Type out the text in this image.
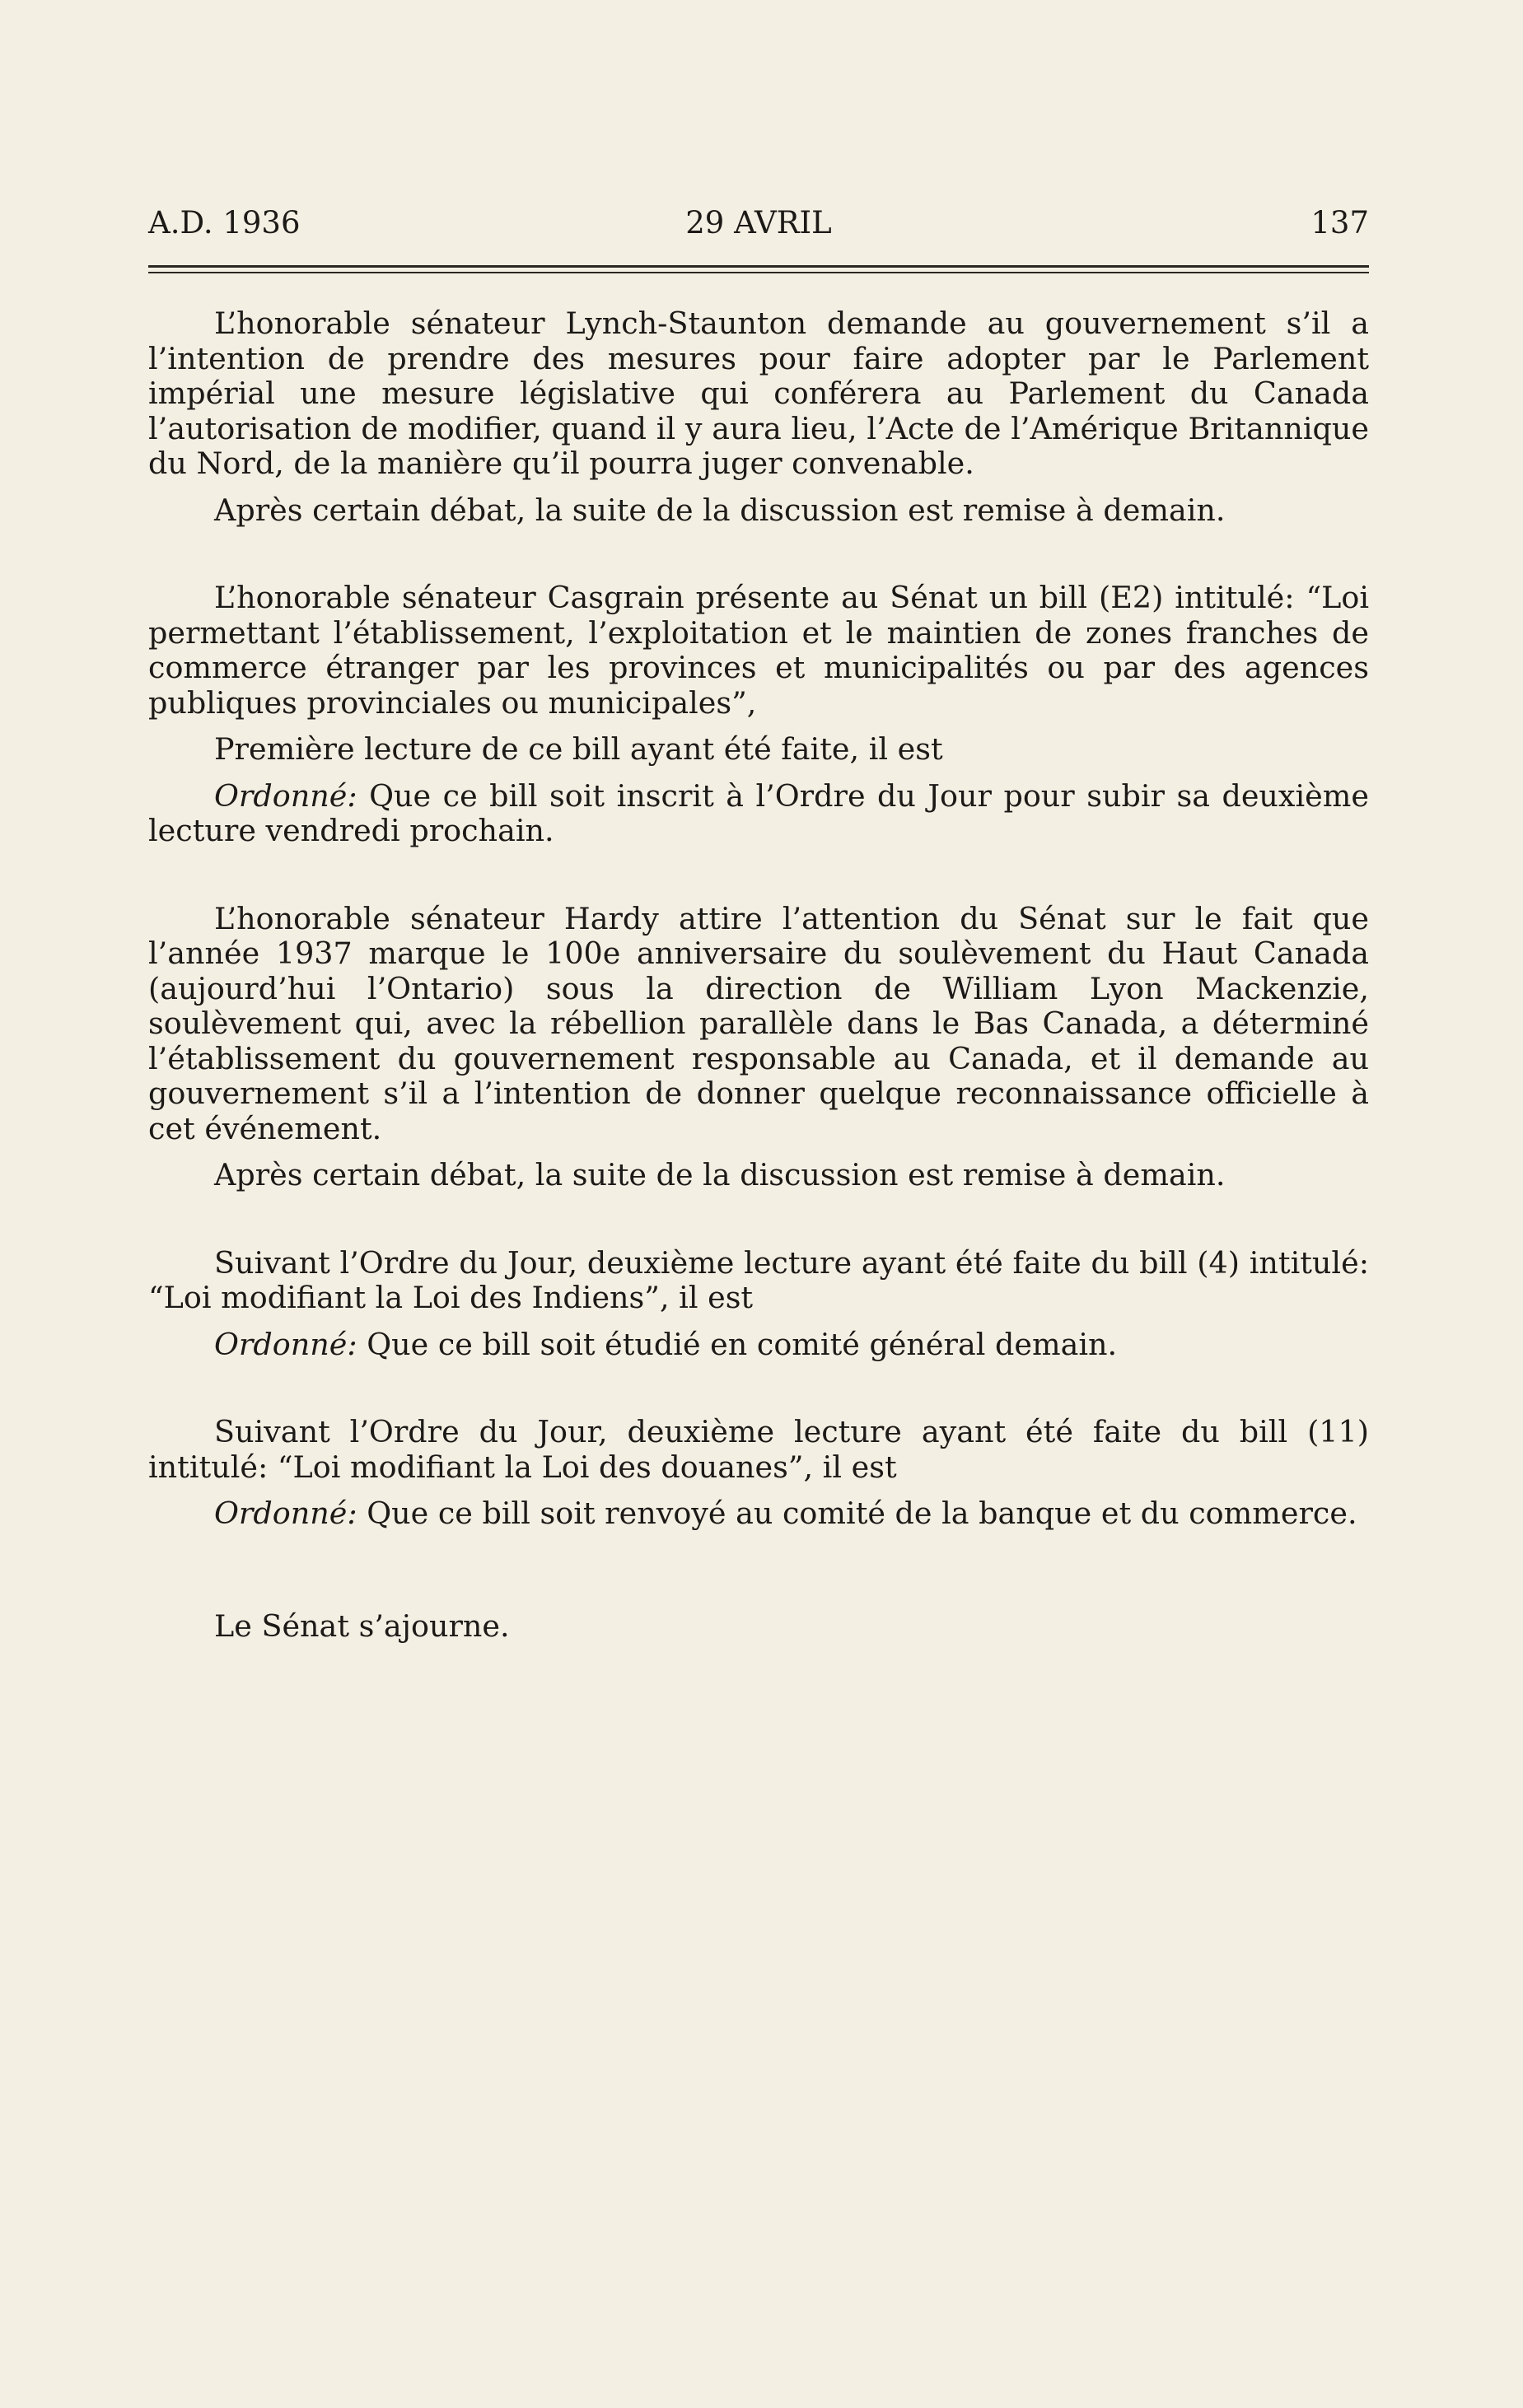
A.D. 1936	29 AVRIL	137

L’honorable sénateur Lynch-Staunton demande au gouvernement s’il a l’intention de prendre des mesures pour faire adopter par le Parlement impérial une mesure législative qui conférera au Parlement du Canada l’autorisation de modifier, quand il y aura lieu, l’Acte de l’Amérique Britannique du Nord, de la manière qu’il pourra juger convenable.

Après certain débat, la suite de la discussion est remise à demain.

L’honorable sénateur Casgrain présente au Sénat un bill (E2) intitulé: “Loi permettant l’établissement, l’exploitation et le maintien de zones franches de commerce étranger par les provinces et municipalités ou par des agences publiques provinciales ou municipales”,

Première lecture de ce bill ayant été faite, il est

Ordonné: Que ce bill soit inscrit à l’Ordre du Jour pour subir sa deuxième lecture vendredi prochain.

L’honorable sénateur Hardy attire l’attention du Sénat sur le fait que l’année 1937 marque le 100e anniversaire du soulèvement du Haut Canada (aujourd’hui l’Ontario) sous la direction de William Lyon Mackenzie, soulèvement qui, avec la rébellion parallèle dans le Bas Canada, a déterminé l’établissement du gouvernement responsable au Canada, et il demande au gouvernement s’il a l’intention de donner quelque reconnaissance officielle à cet événement.

Après certain débat, la suite de la discussion est remise à demain.

Suivant l’Ordre du Jour, deuxième lecture ayant été faite du bill (4) intitulé: “Loi modifiant la Loi des Indiens”, il est

Ordonné: Que ce bill soit étudié en comité général demain.

Suivant l’Ordre du Jour, deuxième lecture ayant été faite du bill (11) intitulé: “Loi modifiant la Loi des douanes”, il est

Ordonné: Que ce bill soit renvoyé au comité de la banque et du commerce.

Le Sénat s’ajourne.
